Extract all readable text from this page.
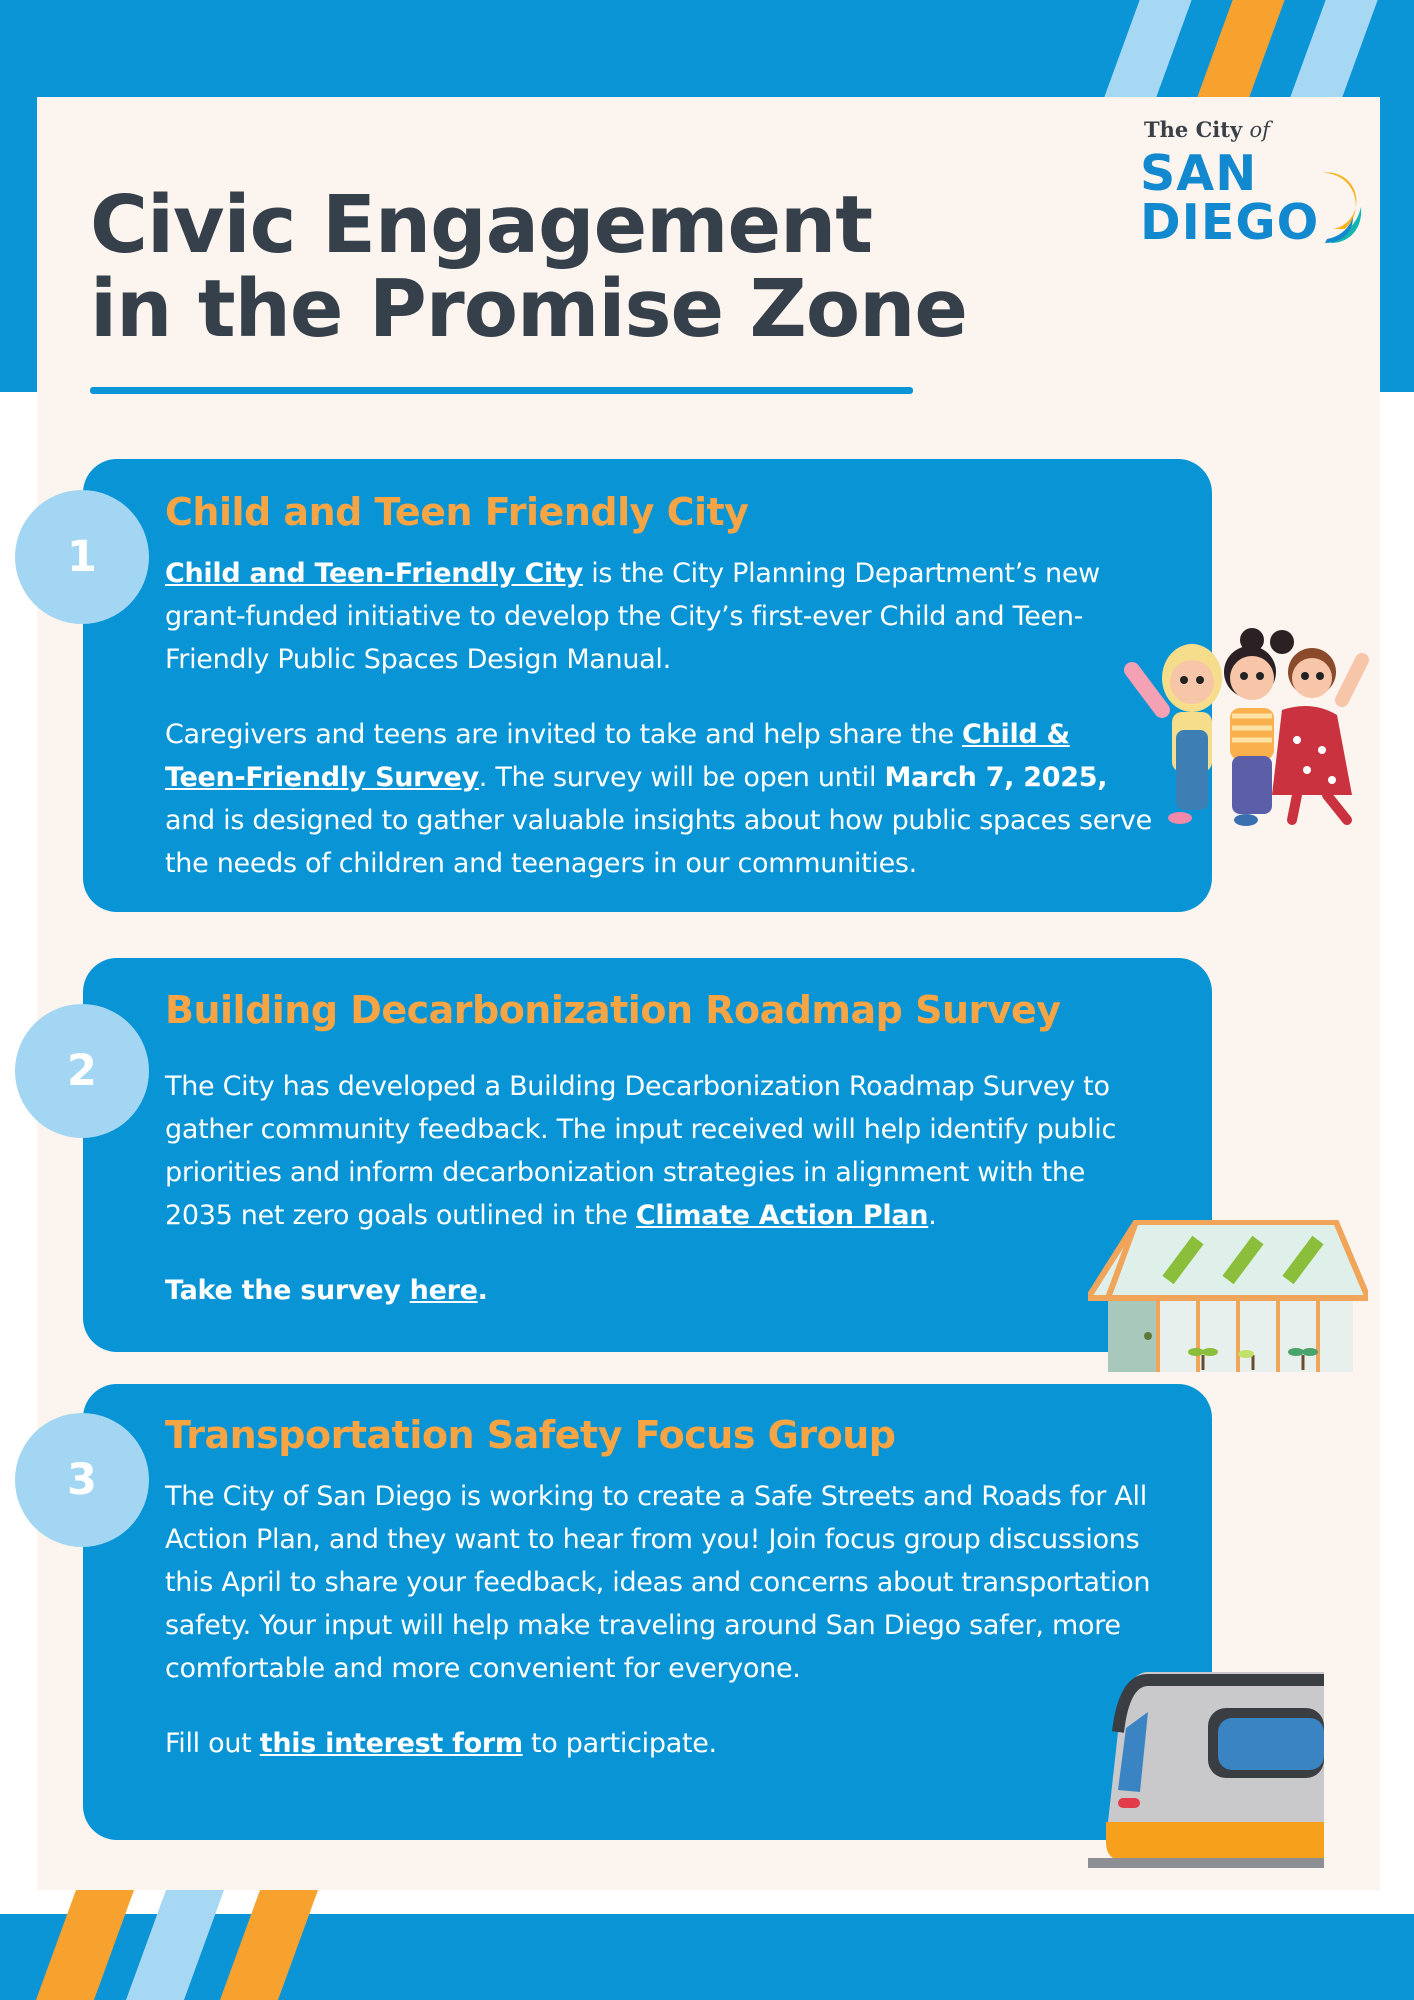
The City of
SAN
DIEGO
Civic Engagement
in the Promise Zone
1
Child and Teen Friendly City

Child and Teen-Friendly City is the City Planning Department’s new grant-funded initiative to develop the City’s first-ever Child and Teen-Friendly Public Spaces Design Manual.

Caregivers and teens are invited to take and help share the Child & Teen-Friendly Survey. The survey will be open until March 7, 2025, and is designed to gather valuable insights about how public spaces serve the needs of children and teenagers in our communities.

2
Building Decarbonization Roadmap Survey

The City has developed a Building Decarbonization Roadmap Survey to gather community feedback. The input received will help identify public priorities and inform decarbonization strategies in alignment with the 2035 net zero goals outlined in the Climate Action Plan.

Take the survey here.

3
Transportation Safety Focus Group

The City of San Diego is working to create a Safe Streets and Roads for All Action Plan, and they want to hear from you! Join focus group discussions this April to share your feedback, ideas and concerns about transportation safety. Your input will help make traveling around San Diego safer, more comfortable and more convenient for everyone.

Fill out this interest form to participate.
